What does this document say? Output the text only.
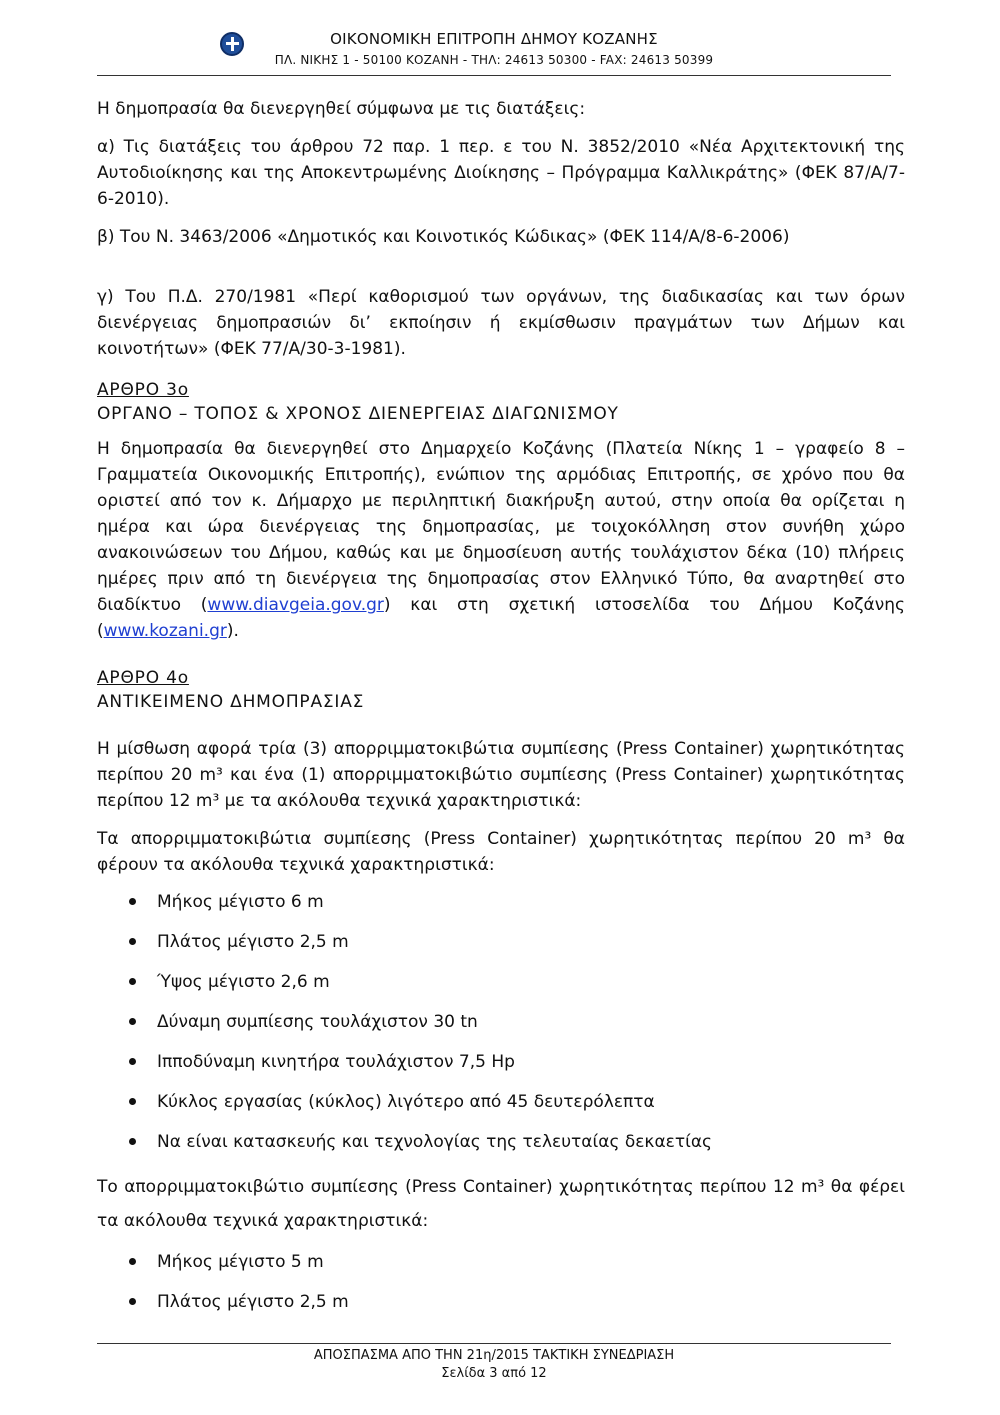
ΟΙΚΟΝΟΜΙΚΗ ΕΠΙΤΡΟΠΗ ΔΗΜΟΥ ΚΟΖΑΝΗΣ
ΠΛ. ΝΙΚΗΣ 1 - 50100 ΚΟΖΑΝΗ - ΤΗΛ: 24613 50300 - FAX: 24613 50399

Η δημοπρασία θα διενεργηθεί σύμφωνα με τις διατάξεις:

α) Τις διατάξεις του άρθρου 72 παρ. 1 περ. ε του Ν. 3852/2010 «Νέα Αρχιτεκτονική της Αυτοδιοίκησης και της Αποκεντρωμένης Διοίκησης – Πρόγραμμα Καλλικράτης» (ΦΕΚ 87/Α/7-6-2010).

β) Του Ν. 3463/2006 «Δημοτικός και Κοινοτικός Κώδικας» (ΦΕΚ 114/Α/8-6-2006)

γ) Του Π.Δ. 270/1981 «Περί καθορισμού των οργάνων, της διαδικασίας και των όρων διενέργειας δημοπρασιών δι’ εκποίησιν ή εκμίσθωσιν πραγμάτων των Δήμων και κοινοτήτων» (ΦΕΚ 77/Α/30-3-1981).

ΑΡΘΡΟ 3ο
ΟΡΓΑΝΟ – ΤΟΠΟΣ & ΧΡΟΝΟΣ ΔΙΕΝΕΡΓΕΙΑΣ ΔΙΑΓΩΝΙΣΜΟΥ

Η δημοπρασία θα διενεργηθεί στο Δημαρχείο Κοζάνης (Πλατεία Νίκης 1 – γραφείο 8 – Γραμματεία Οικονομικής Επιτροπής), ενώπιον της αρμόδιας Επιτροπής, σε χρόνο που θα οριστεί από τον κ. Δήμαρχο με περιληπτική διακήρυξη αυτού, στην οποία θα ορίζεται η ημέρα και ώρα διενέργειας της δημοπρασίας, με τοιχοκόλληση στον συνήθη χώρο ανακοινώσεων του Δήμου, καθώς και με δημοσίευση αυτής τουλάχιστον δέκα (10) πλήρεις ημέρες πριν από τη διενέργεια της δημοπρασίας στον Ελληνικό Τύπο, θα αναρτηθεί στο διαδίκτυο (www.diavgeia.gov.gr) και στη σχετική ιστοσελίδα του Δήμου Κοζάνης (www.kozani.gr).

ΑΡΘΡΟ 4ο
ΑΝΤΙΚΕΙΜΕΝΟ ΔΗΜΟΠΡΑΣΙΑΣ

Η μίσθωση αφορά τρία (3) απορριμματοκιβώτια συμπίεσης (Press Container) χωρητικότητας περίπου 20 m³ και ένα (1) απορριμματοκιβώτιο συμπίεσης (Press Container) χωρητικότητας περίπου 12 m³ με τα ακόλουθα τεχνικά χαρακτηριστικά:

Τα απορριμματοκιβώτια συμπίεσης (Press Container) χωρητικότητας περίπου 20 m³ θα φέρουν τα ακόλουθα τεχνικά χαρακτηριστικά:

Μήκος μέγιστο 6 m
Πλάτος μέγιστο 2,5 m
Ύψος μέγιστο 2,6 m
Δύναμη συμπίεσης τουλάχιστον 30 tn
Ιπποδύναμη κινητήρα τουλάχιστον 7,5 Hp
Κύκλος εργασίας (κύκλος) λιγότερο από 45 δευτερόλεπτα
Να είναι κατασκευής και τεχνολογίας της τελευταίας δεκαετίας

Το απορριμματοκιβώτιο συμπίεσης (Press Container) χωρητικότητας περίπου 12 m³ θα φέρει τα ακόλουθα τεχνικά χαρακτηριστικά:

Μήκος μέγιστο 5 m
Πλάτος μέγιστο 2,5 m
ΑΠΟΣΠΑΣΜΑ ΑΠΟ ΤΗΝ 21η/2015 ΤΑΚΤΙΚΗ ΣΥΝΕΔΡΙΑΣΗ
Σελίδα 3 από 12
